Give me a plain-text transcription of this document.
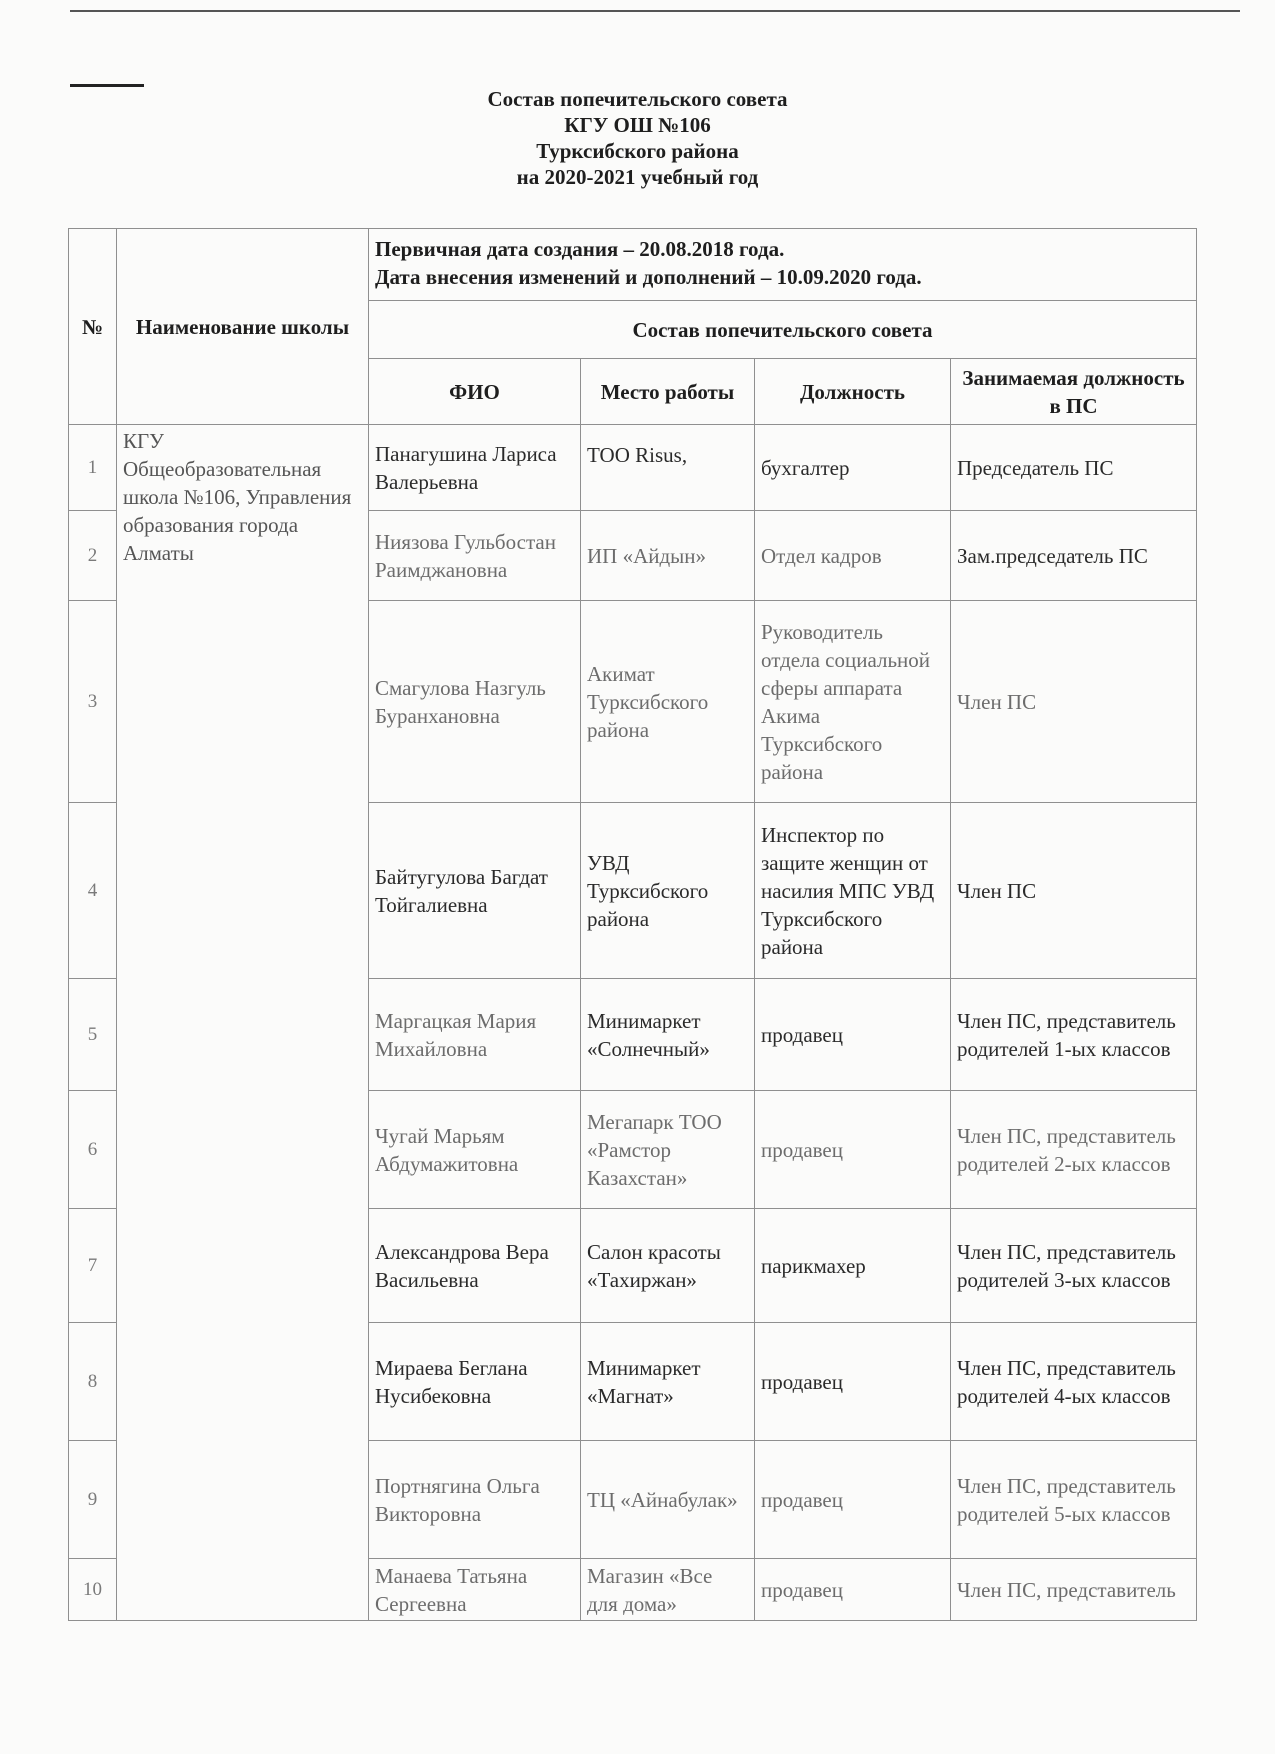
Состав попечительского совета
КГУ ОШ №106
Турксибского района
на 2020-2021 учебный год
№	Наименование школы	Первичная дата создания – 20.08.2018 года.
Дата внесения изменений и дополнений – 10.09.2020 года.			

		Состав попечительского совета			
		ФИО	Место работы	Должность	Занимаемая должность в ПС
1	КГУ Общеобразовательная школа №106, Управления образования города Алматы	Панагушина Лариса Валерьевна	ТОО Risus,	бухгалтер	Председатель ПС
2		Ниязова Гульбостан Раимджановна	ИП «Айдын»	Отдел кадров	Зам.председатель ПС
3		Смагулова Назгуль Буранхановна	Акимат Турксибского района	Руководитель отдела социальной сферы аппарата Акима Турксибского района	Член ПС
4		Байтугулова Багдат Тойгалиевна	УВД Турксибского района	Инспектор по защите женщин от насилия МПС УВД Турксибского района	Член ПС
5		Маргацкая Мария Михайловна	Минимаркет «Солнечный»	продавец	Член ПС, представитель родителей 1-ых классов
6		Чугай Марьям Абдумажитовна	Мегапарк ТОО «Рамстор Казахстан»	продавец	Член ПС, представитель родителей 2-ых классов
7		Александрова Вера Васильевна	Салон красоты «Тахиржан»	парикмахер	Член ПС, представитель родителей 3-ых классов
8		Мираева Беглана Нусибековна	Минимаркет «Магнат»	продавец	Член ПС, представитель родителей 4-ых классов
9		Портнягина Ольга Викторовна	ТЦ «Айнабулак»	продавец	Член ПС, представитель родителей 5-ых классов
10		Манаева Татьяна Сергеевна	Магазин «Все для дома»	продавец	Член ПС, представитель
